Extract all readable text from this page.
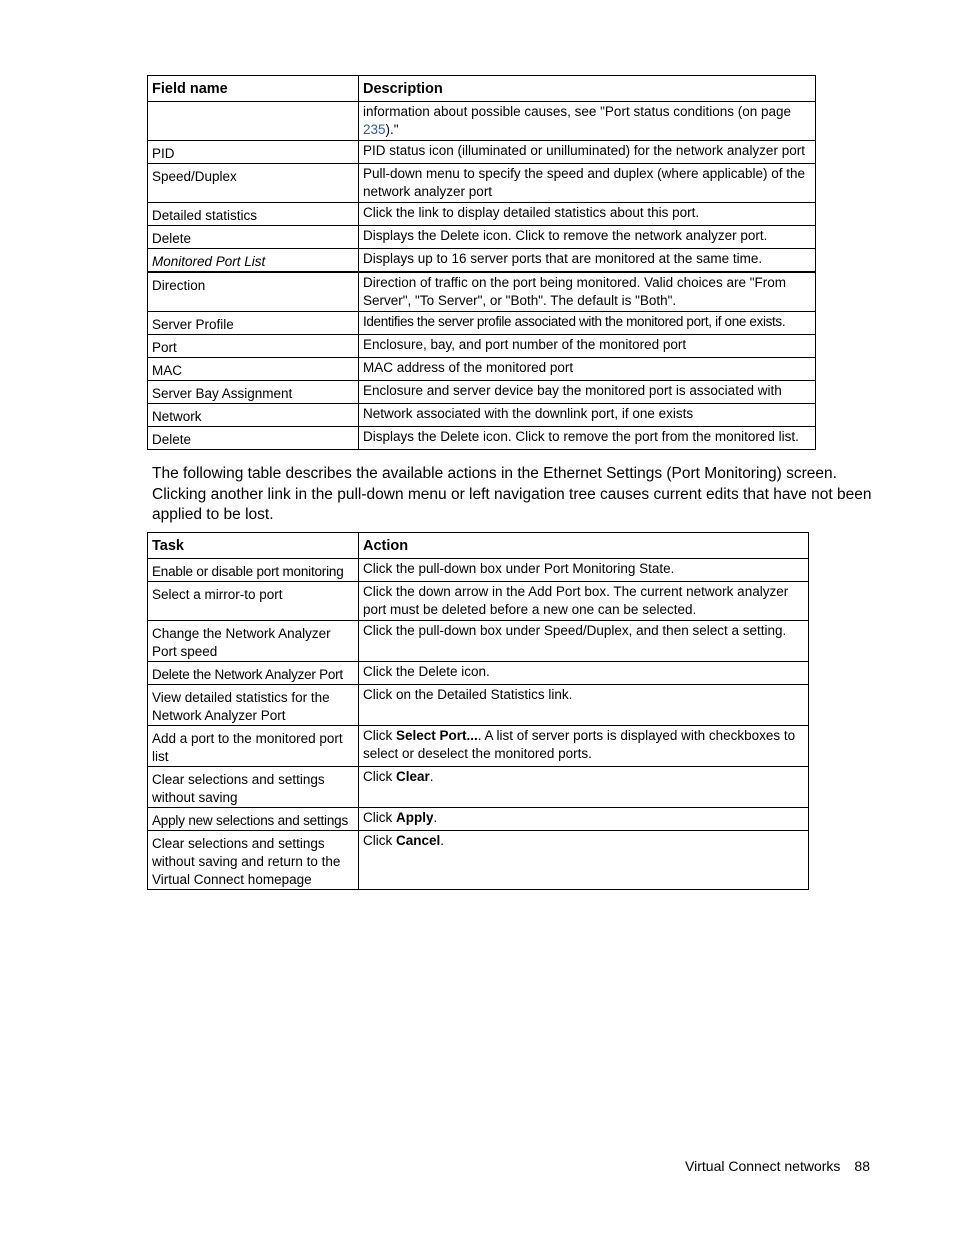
Field name	Description
	information about possible causes, see "Port status conditions (on page 235)."
PID	PID status icon (illuminated or unilluminated) for the network analyzer port
Speed/Duplex	Pull-down menu to specify the speed and duplex (where applicable) of the network analyzer port
Detailed statistics	Click the link to display detailed statistics about this port.
Delete	Displays the Delete icon. Click to remove the network analyzer port.
Monitored Port List	Displays up to 16 server ports that are monitored at the same time.
Direction	Direction of traffic on the port being monitored. Valid choices are "From Server", "To Server", or "Both". The default is "Both".
Server Profile	Identifies the server profile associated with the monitored port, if one exists.
Port	Enclosure, bay, and port number of the monitored port
MAC	MAC address of the monitored port
Server Bay Assignment	Enclosure and server device bay the monitored port is associated with
Network	Network associated with the downlink port, if one exists
Delete	Displays the Delete icon. Click to remove the port from the monitored list.

The following table describes the available actions in the Ethernet Settings (Port Monitoring) screen. Clicking another link in the pull-down menu or left navigation tree causes current edits that have not been applied to be lost.

Task	Action
Enable or disable port monitoring	Click the pull-down box under Port Monitoring State.
Select a mirror-to port	Click the down arrow in the Add Port box. The current network analyzer port must be deleted before a new one can be selected.
Change the Network Analyzer Port speed	Click the pull-down box under Speed/Duplex, and then select a setting.
Delete the Network Analyzer Port	Click the Delete icon.
View detailed statistics for the Network Analyzer Port	Click on the Detailed Statistics link.
Add a port to the monitored port list	Click Select Port.... A list of server ports is displayed with checkboxes to select or deselect the monitored ports.
Clear selections and settings without saving	Click Clear.
Apply new selections and settings	Click Apply.
Clear selections and settings without saving and return to the Virtual Connect homepage	Click Cancel.
Virtual Connect networks 88
